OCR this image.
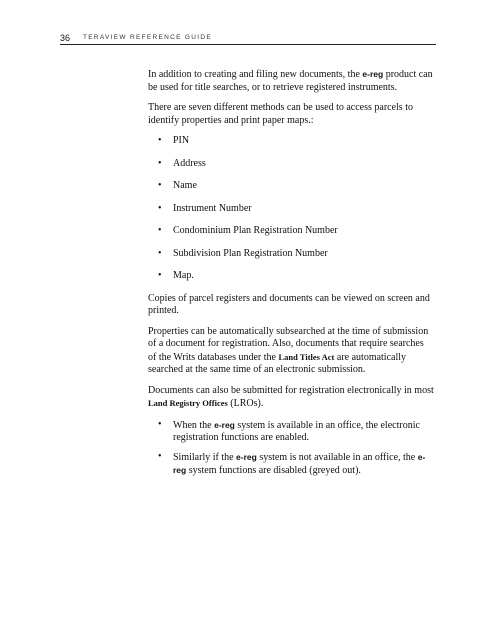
36 TERAVIEW REFERENCE GUIDE

In addition to creating and filing new documents, the e-reg product can be used for title searches, or to retrieve registered instruments.

There are seven different methods can be used to access parcels to identify properties and print paper maps.:

• PIN
• Address
• Name
• Instrument Number
• Condominium Plan Registration Number
• Subdivision Plan Registration Number
• Map.

Copies of parcel registers and documents can be viewed on screen and printed.

Properties can be automatically subsearched at the time of submission of a document for registration. Also, documents that require searches of the Writs databases under the Land Titles Act are automatically searched at the same time of an electronic submission.

Documents can also be submitted for registration electronically in most Land Registry Offices (LROs).

• When the e-reg system is available in an office, the electronic registration functions are enabled.
• Similarly if the e-reg system is not available in an office, the e-reg system functions are disabled (greyed out).
